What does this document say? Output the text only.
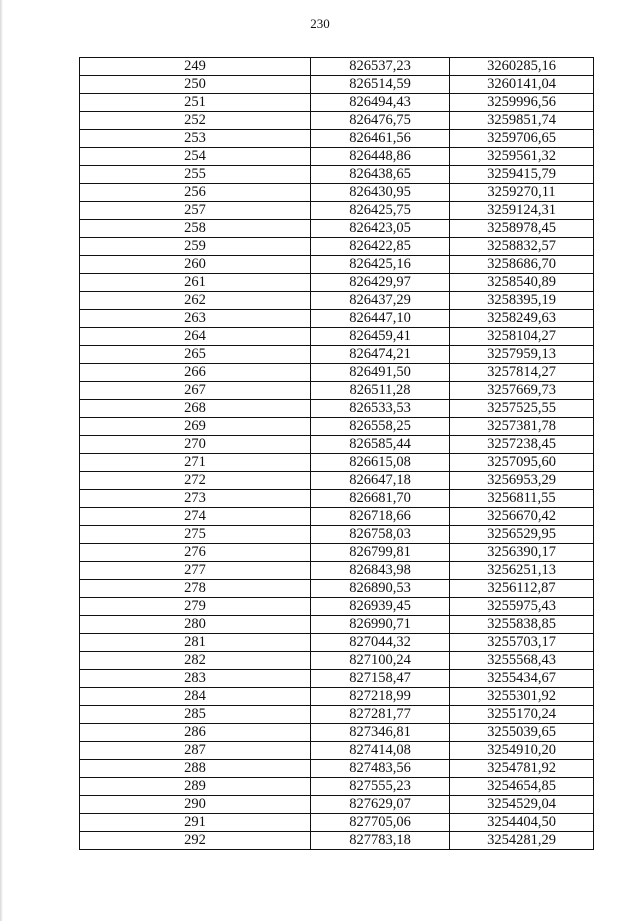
230
249	826537,23	3260285,16
250	826514,59	3260141,04
251	826494,43	3259996,56
252	826476,75	3259851,74
253	826461,56	3259706,65
254	826448,86	3259561,32
255	826438,65	3259415,79
256	826430,95	3259270,11
257	826425,75	3259124,31
258	826423,05	3258978,45
259	826422,85	3258832,57
260	826425,16	3258686,70
261	826429,97	3258540,89
262	826437,29	3258395,19
263	826447,10	3258249,63
264	826459,41	3258104,27
265	826474,21	3257959,13
266	826491,50	3257814,27
267	826511,28	3257669,73
268	826533,53	3257525,55
269	826558,25	3257381,78
270	826585,44	3257238,45
271	826615,08	3257095,60
272	826647,18	3256953,29
273	826681,70	3256811,55
274	826718,66	3256670,42
275	826758,03	3256529,95
276	826799,81	3256390,17
277	826843,98	3256251,13
278	826890,53	3256112,87
279	826939,45	3255975,43
280	826990,71	3255838,85
281	827044,32	3255703,17
282	827100,24	3255568,43
283	827158,47	3255434,67
284	827218,99	3255301,92
285	827281,77	3255170,24
286	827346,81	3255039,65
287	827414,08	3254910,20
288	827483,56	3254781,92
289	827555,23	3254654,85
290	827629,07	3254529,04
291	827705,06	3254404,50
292	827783,18	3254281,29
